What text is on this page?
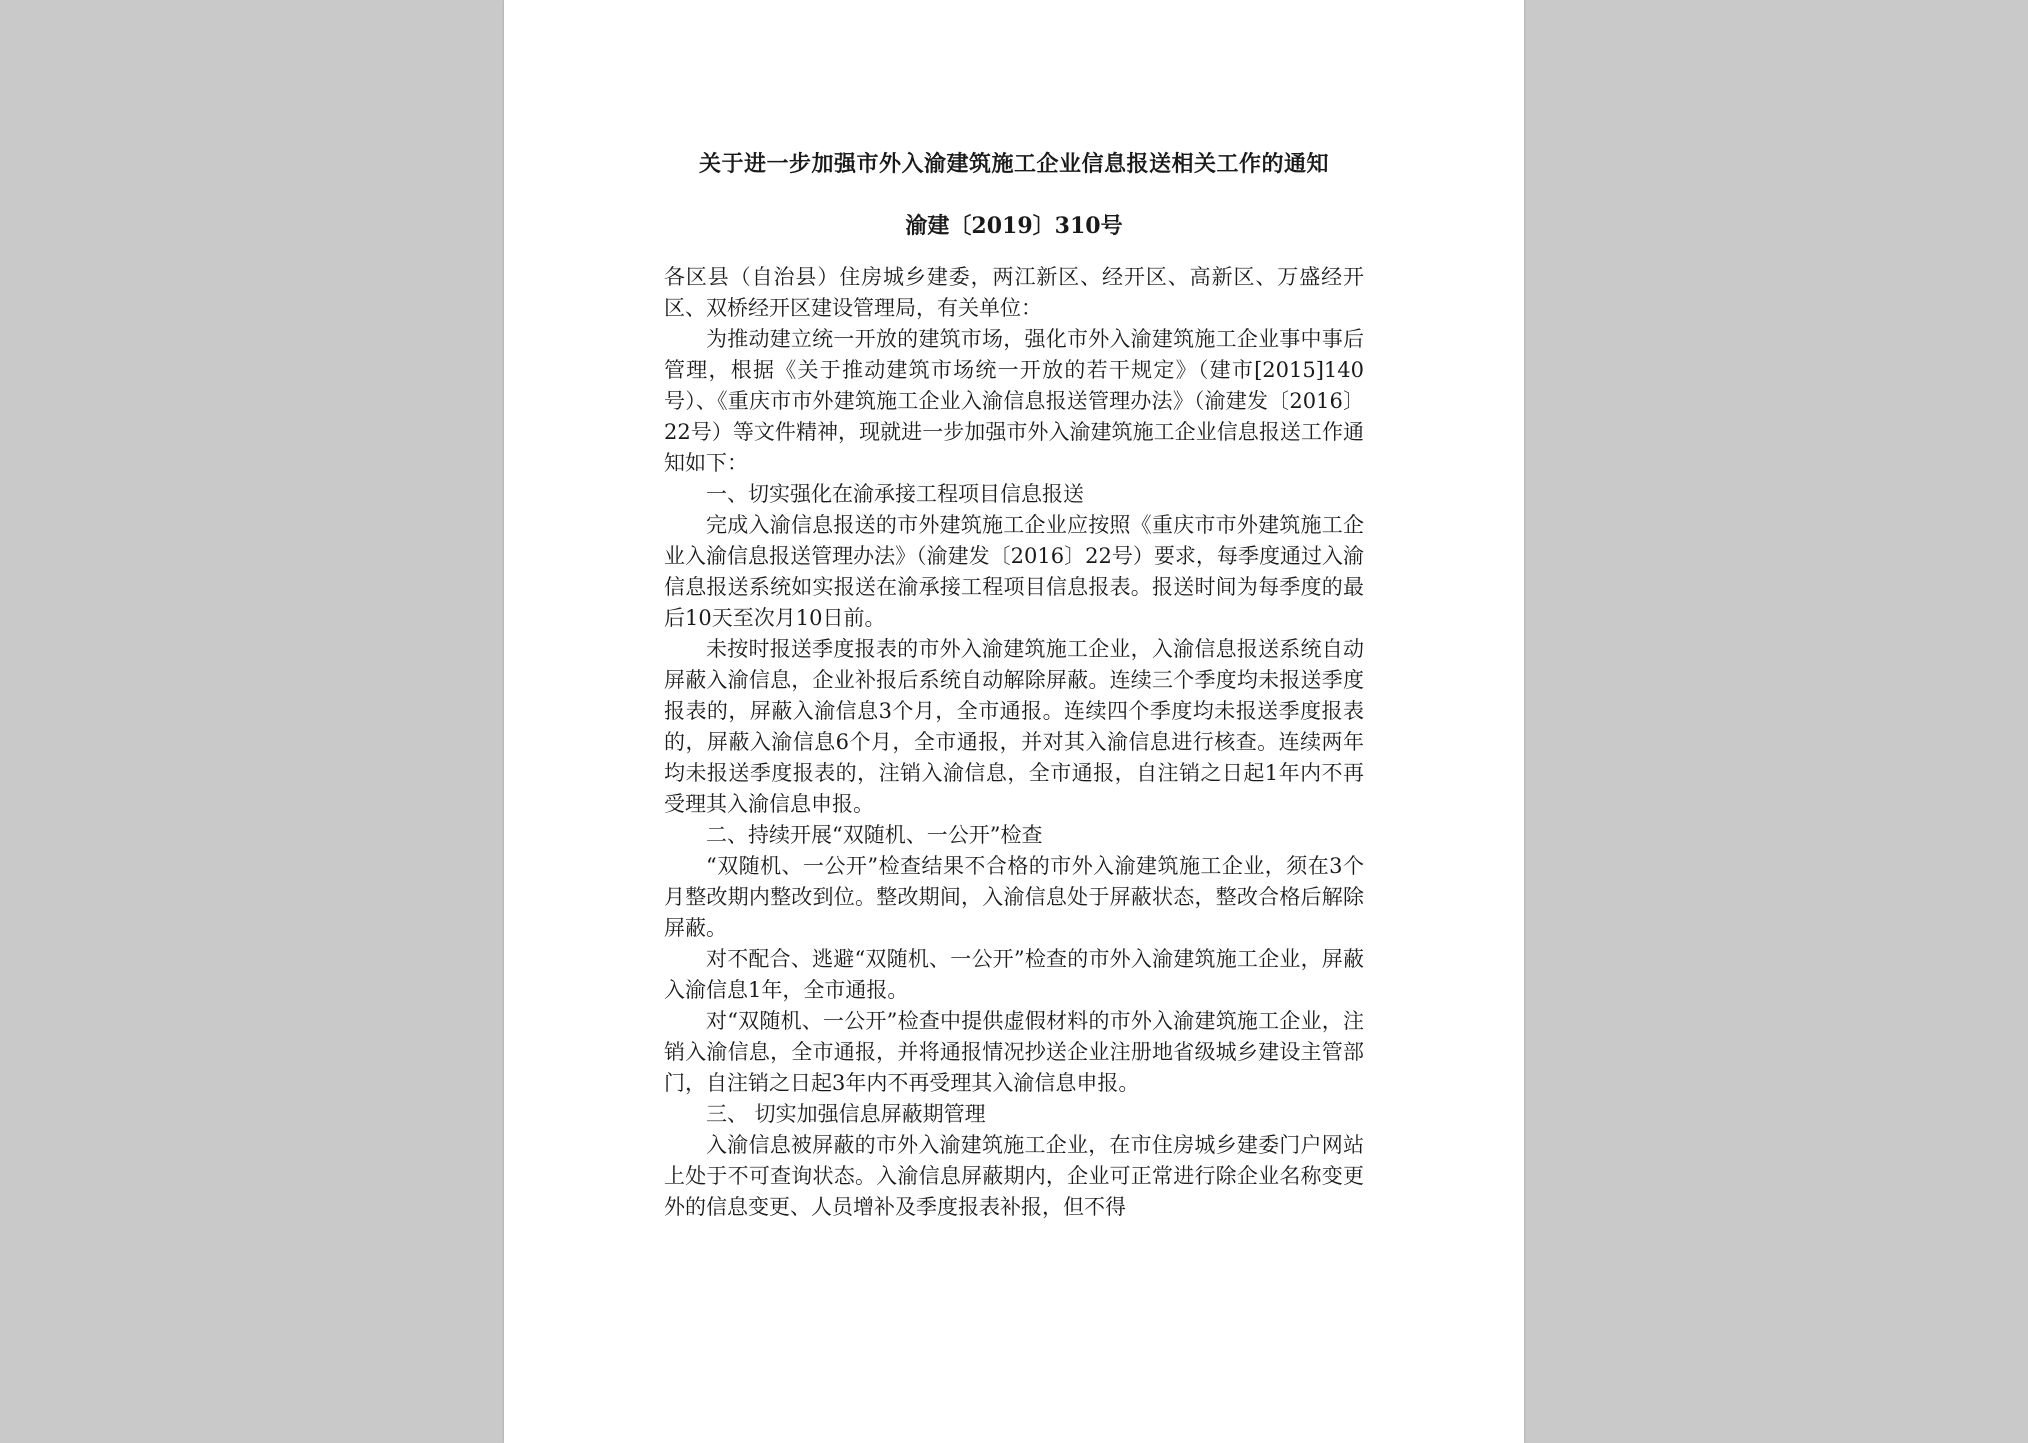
关于进一步加强市外入渝建筑施工企业信息报送相关工作的通知

渝建〔2019〕310号

各区县（自治县）住房城乡建委，两江新区、经开区、高新区、万盛经开区、双桥经开区建设管理局，有关单位：

为推动建立统一开放的建筑市场，强化市外入渝建筑施工企业事中事后管理，根据《关于推动建筑市场统一开放的若干规定》（建市[2015]140号）、《重庆市市外建筑施工企业入渝信息报送管理办法》（渝建发〔2016〕22号）等文件精神，现就进一步加强市外入渝建筑施工企业信息报送工作通知如下：

一、切实强化在渝承接工程项目信息报送

完成入渝信息报送的市外建筑施工企业应按照《重庆市市外建筑施工企业入渝信息报送管理办法》（渝建发〔2016〕22号）要求，每季度通过入渝信息报送系统如实报送在渝承接工程项目信息报表。报送时间为每季度的最后10天至次月10日前。

未按时报送季度报表的市外入渝建筑施工企业，入渝信息报送系统自动屏蔽入渝信息，企业补报后系统自动解除屏蔽。连续三个季度均未报送季度报表的，屏蔽入渝信息3个月，全市通报。连续四个季度均未报送季度报表的，屏蔽入渝信息6个月，全市通报，并对其入渝信息进行核查。连续两年均未报送季度报表的，注销入渝信息，全市通报，自注销之日起1年内不再受理其入渝信息申报。

二、持续开展“双随机、一公开”检查

“双随机、一公开”检查结果不合格的市外入渝建筑施工企业，须在3个月整改期内整改到位。整改期间，入渝信息处于屏蔽状态，整改合格后解除屏蔽。

对不配合、逃避“双随机、一公开”检查的市外入渝建筑施工企业，屏蔽入渝信息1年，全市通报。

对“双随机、一公开”检查中提供虚假材料的市外入渝建筑施工企业，注销入渝信息，全市通报，并将通报情况抄送企业注册地省级城乡建设主管部门，自注销之日起3年内不再受理其入渝信息申报。

三、 切实加强信息屏蔽期管理

入渝信息被屏蔽的市外入渝建筑施工企业，在市住房城乡建委门户网站上处于不可查询状态。入渝信息屏蔽期内，企业可正常进行除企业名称变更外的信息变更、人员增补及季度报表补报，但不得
